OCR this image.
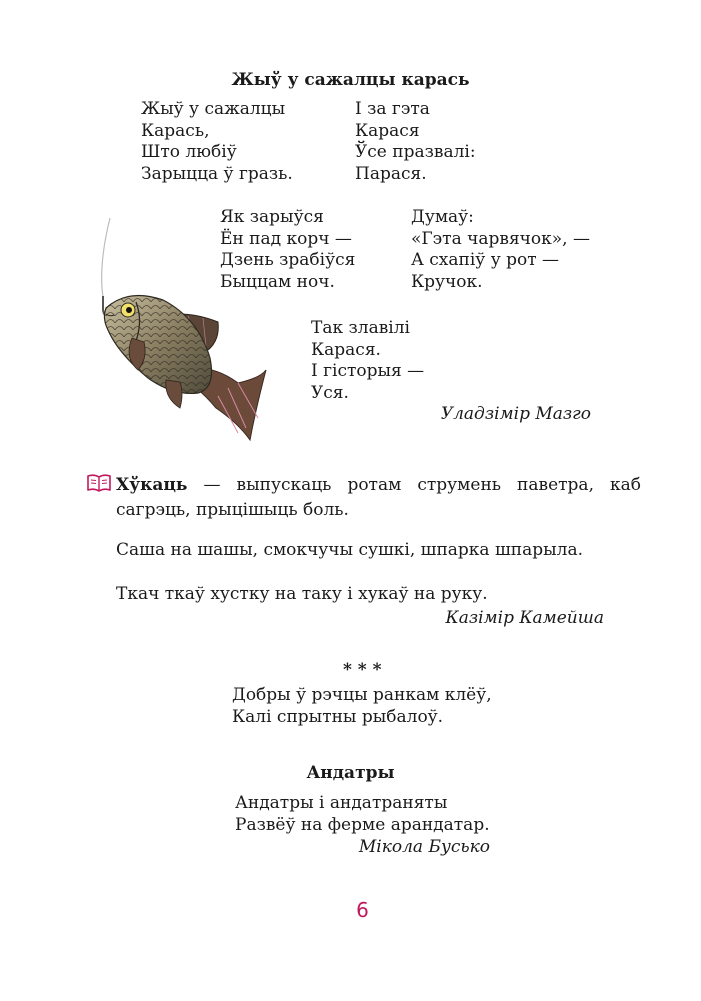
Жыў у сажалцы карась
Жыў у сажалцы
Карась,
Што любіў
Зарыцца ў гразь.
І за гэта
Карася
Ўсе празвалі:
Парася.
Як зарыўся
Ён пад корч —
Дзень зрабіўся
Быццам ноч.
Думаў:
«Гэта чарвячок», —
А схапіў у рот —
Кручок.
Так злавілі
Карася.
І гісторыя —
Уся.
Уладзімір Мазго
Хўкаць — выпускаць ротам струмень паветра, каб сагрэць, прыцішыць боль.
Саша на шашы, смокчучы сушкі, шпарка шпарыла.
Ткач ткаў хустку на таку і хукаў на руку.
Казімір Камейша
* * *
Добры ў рэчцы ранкам клёў,
Калі спрытны рыбалоў.
Андатры
Андатры і андатраняты
Развёў на ферме арандатар.
Мікола Бусько
6
